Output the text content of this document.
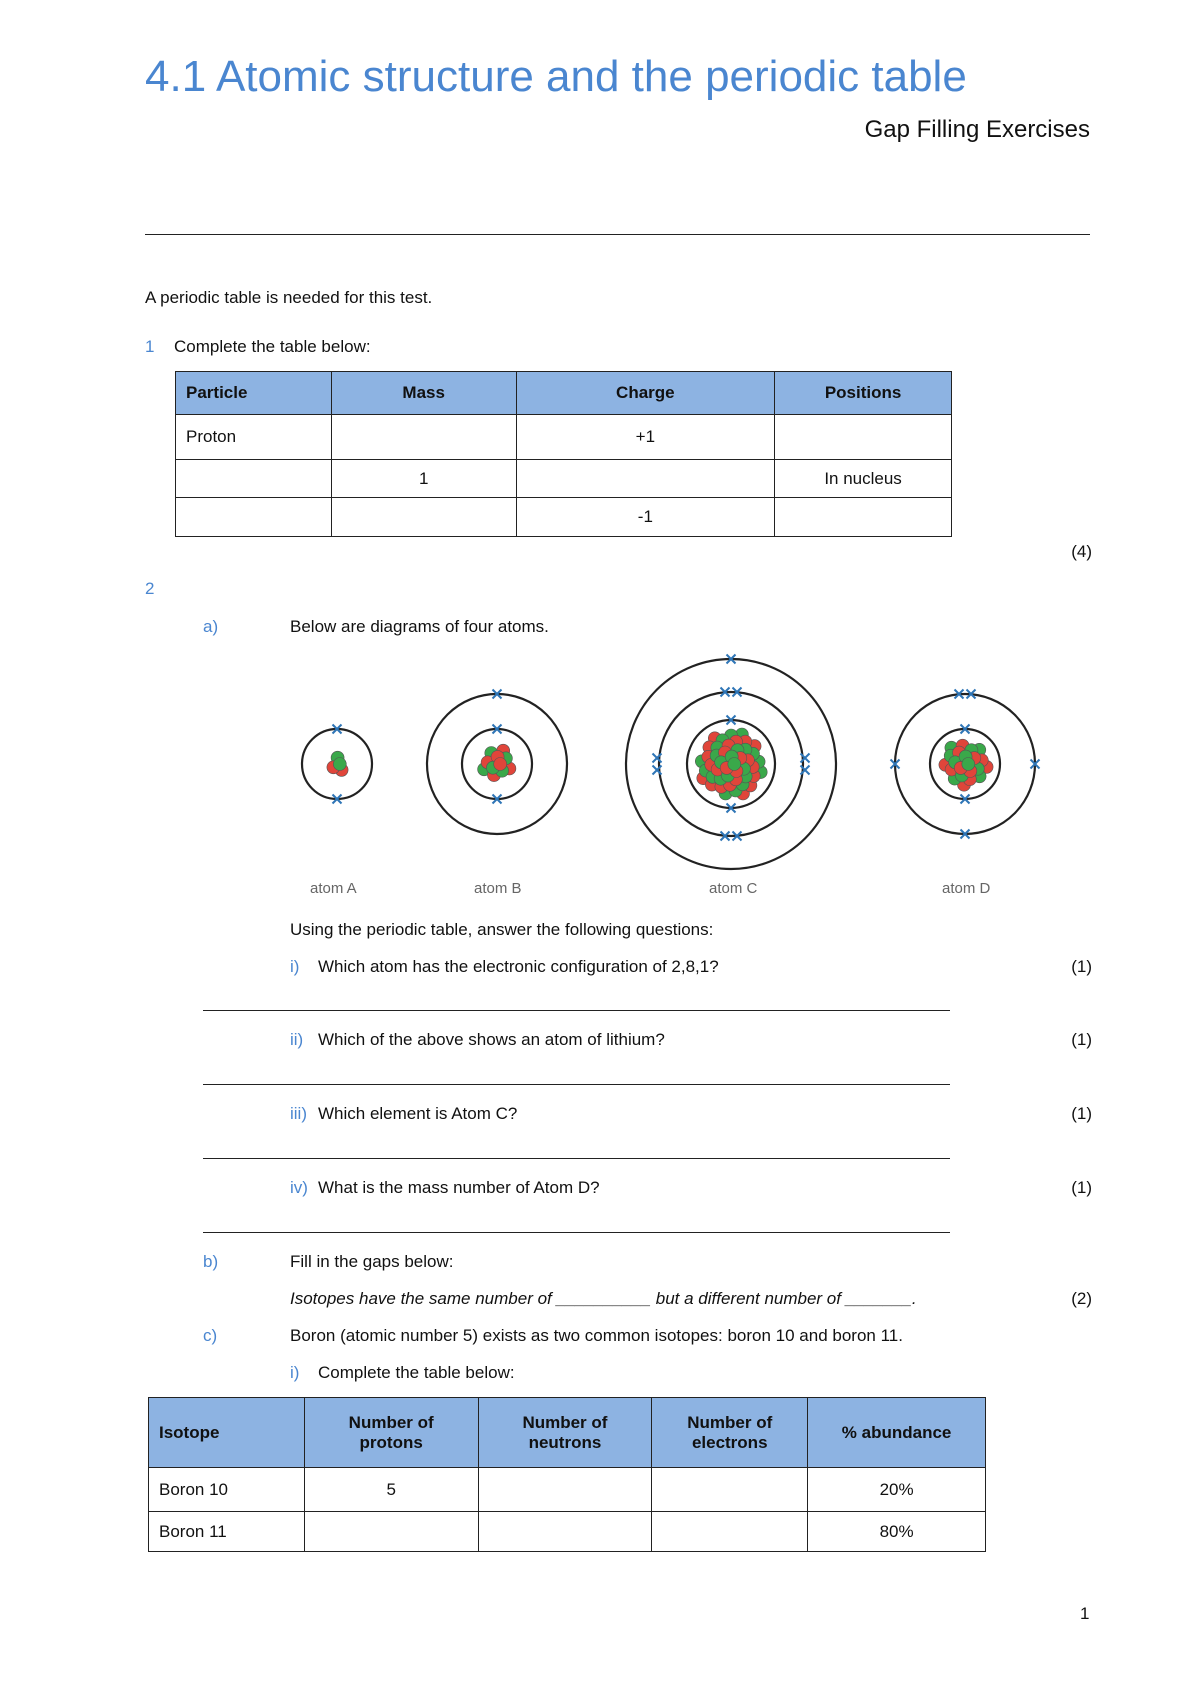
4.1 Atomic structure and the periodic table
Gap Filling Exercises
A periodic table is needed for this test.
1 Complete the table below:
Particle	Mass	Charge	Positions
Proton		+1	
	1		In nucleus
		-1	
(4)
2
a)	Below are diagrams of four atoms.
atom A	atom B	atom C	atom D
Using the periodic table, answer the following questions:
i) Which atom has the electronic configuration of 2,8,1?	(1)
ii) Which of the above shows an atom of lithium?	(1)
iii) Which element is Atom C?	(1)
iv) What is the mass number of Atom D?	(1)
b)	Fill in the gaps below:
Isotopes have the same number of __________ but a different number of _______.	(2)
c)	Boron (atomic number 5) exists as two common isotopes: boron 10 and boron 11.
i) Complete the table below:
Isotope	Number of protons	Number of neutrons	Number of electrons	% abundance
Boron 10	5			20%
Boron 11				80%
1
